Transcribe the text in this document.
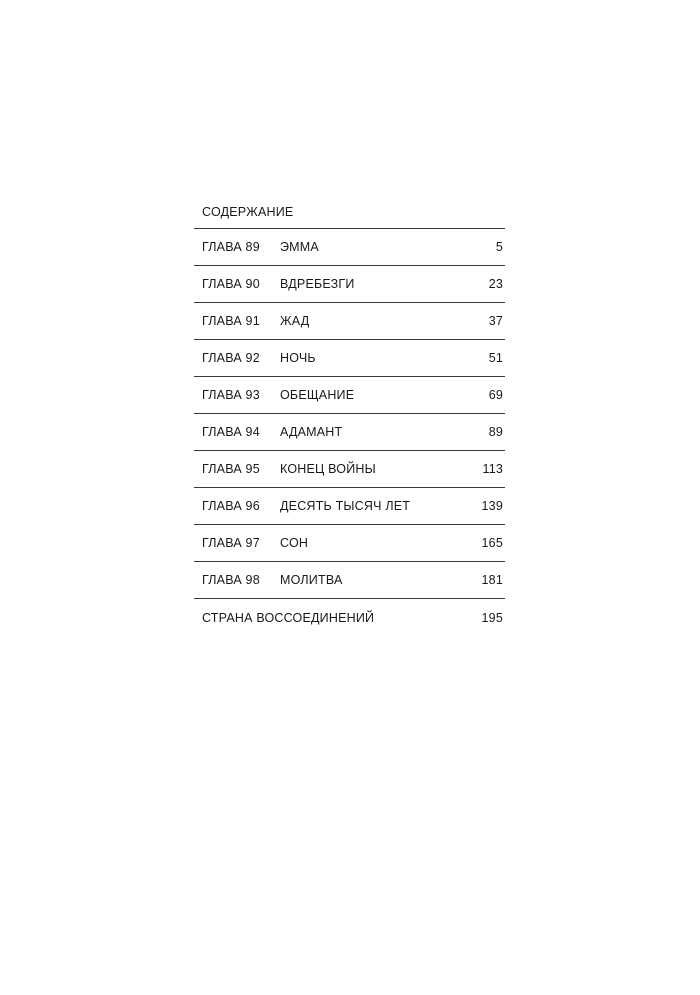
СОДЕРЖАНИЕ
ГЛАВА 89	ЭММА	5
ГЛАВА 90	ВДРЕБЕЗГИ	23
ГЛАВА 91	ЖАД	37
ГЛАВА 92	НОЧЬ	51
ГЛАВА 93	ОБЕЩАНИЕ	69
ГЛАВА 94	АДАМАНТ	89
ГЛАВА 95	КОНЕЦ ВОЙНЫ	113
ГЛАВА 96	ДЕСЯТЬ ТЫСЯЧ ЛЕТ	139
ГЛАВА 97	СОН	165
ГЛАВА 98	МОЛИТВА	181
СТРАНА ВОССОЕДИНЕНИЙ	195
